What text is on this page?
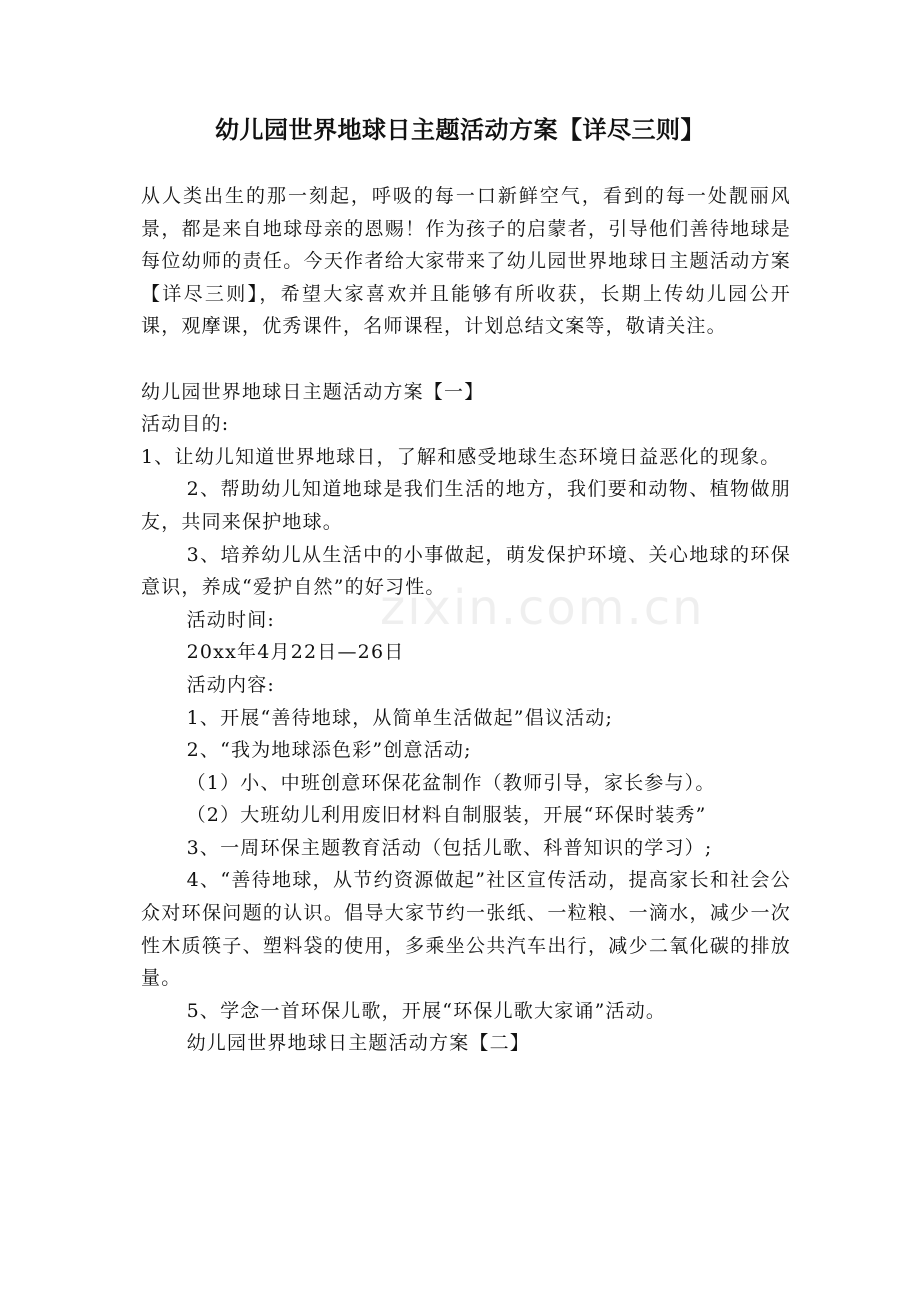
幼儿园世界地球日主题活动方案【详尽三则】

从人类出生的那一刻起，呼吸的每一口新鲜空气，看到的每一处靓丽风景，都是来自地球母亲的恩赐！作为孩子的启蒙者，引导他们善待地球是每位幼师的责任。今天作者给大家带来了幼儿园世界地球日主题活动方案【详尽三则】，希望大家喜欢并且能够有所收获，长期上传幼儿园公开课，观摩课，优秀课件，名师课程，计划总结文案等，敬请关注。

幼儿园世界地球日主题活动方案【一】

活动目的:

1、让幼儿知道世界地球日，了解和感受地球生态环境日益恶化的现象。

2、帮助幼儿知道地球是我们生活的地方，我们要和动物、植物做朋友，共同来保护地球。

3、培养幼儿从生活中的小事做起，萌发保护环境、关心地球的环保意识，养成“爱护自然”的好习性。

活动时间:

20xx年4月22日—26日

活动内容:

1、开展“善待地球，从简单生活做起”倡议活动;

2、“我为地球添色彩”创意活动;

（1）小、中班创意环保花盆制作（教师引导，家长参与）。

（2）大班幼儿利用废旧材料自制服装，开展“环保时装秀”

3、一周环保主题教育活动（包括儿歌、科普知识的学习）;

4、“善待地球，从节约资源做起”社区宣传活动，提高家长和社会公众对环保问题的认识。倡导大家节约一张纸、一粒粮、一滴水，减少一次性木质筷子、塑料袋的使用，多乘坐公共汽车出行，减少二氧化碳的排放量。

5、学念一首环保儿歌，开展“环保儿歌大家诵”活动。

幼儿园世界地球日主题活动方案【二】

zixin.com.cn
